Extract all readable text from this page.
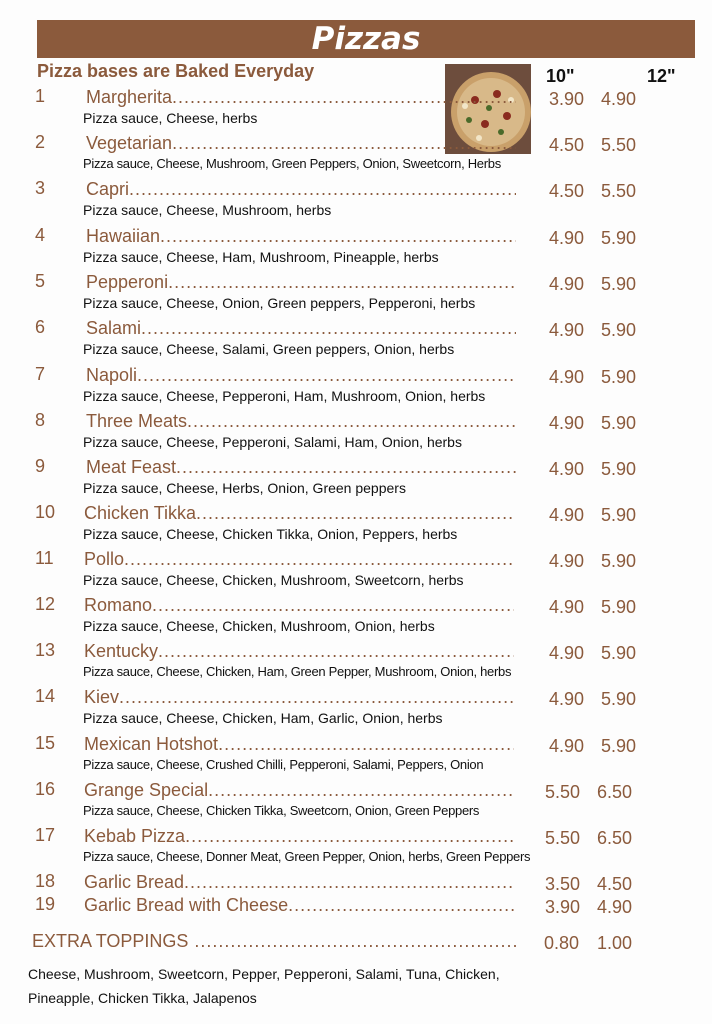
Pizzas
Pizza bases are Baked Everyday	10"	12"
1 Margherita .....	3.90 4.90
Pizza sauce, Cheese, herbs
2 Vegetarian .....	4.50 5.50
Pizza sauce, Cheese, Mushroom, Green Peppers, Onion, Sweetcorn, Herbs
3 Capri .....	4.50 5.50
Pizza sauce, Cheese, Mushroom, herbs
4 Hawaiian .....	4.90 5.90
Pizza sauce, Cheese, Ham, Mushroom, Pineapple, herbs
5 Pepperoni .....	4.90 5.90
Pizza sauce, Cheese, Onion, Green peppers, Pepperoni, herbs
6 Salami .....	4.90 5.90
Pizza sauce, Cheese, Salami, Green peppers, Onion, herbs
7 Napoli .....	4.90 5.90
Pizza sauce, Cheese, Pepperoni, Ham, Mushroom, Onion, herbs
8 Three Meats .....	4.90 5.90
Pizza sauce, Cheese, Pepperoni, Salami, Ham, Onion, herbs
9 Meat Feast .....	4.90 5.90
Pizza sauce, Cheese, Herbs, Onion, Green peppers
10 Chicken Tikka .....	4.90 5.90
Pizza sauce, Cheese, Chicken Tikka, Onion, Peppers, herbs
11 Pollo .....	4.90 5.90
Pizza sauce, Cheese, Chicken, Mushroom, Sweetcorn, herbs
12 Romano .....	4.90 5.90
Pizza sauce, Cheese, Chicken, Mushroom, Onion, herbs
13 Kentucky .....	4.90 5.90
Pizza sauce, Cheese, Chicken, Ham, Green Pepper, Mushroom, Onion, herbs
14 Kiev .....	4.90 5.90
Pizza sauce, Cheese, Chicken, Ham, Garlic, Onion, herbs
15 Mexican Hotshot .....	4.90 5.90
Pizza sauce, Cheese, Crushed Chilli, Pepperoni, Salami, Peppers, Onion
16 Grange Special .....	5.50 6.50
Pizza sauce, Cheese, Chicken Tikka, Sweetcorn, Onion, Green Peppers
17 Kebab Pizza .....	5.50 6.50
Pizza sauce, Cheese, Donner Meat, Green Pepper, Onion, herbs, Green Peppers
18 Garlic Bread .....	3.50 4.50
19 Garlic Bread with Cheese .....	3.90 4.90
EXTRA TOPPINGS .....	0.80 1.00
Cheese, Mushroom, Sweetcorn, Pepper, Pepperoni, Salami, Tuna, Chicken, Pineapple, Chicken Tikka, Jalapenos
